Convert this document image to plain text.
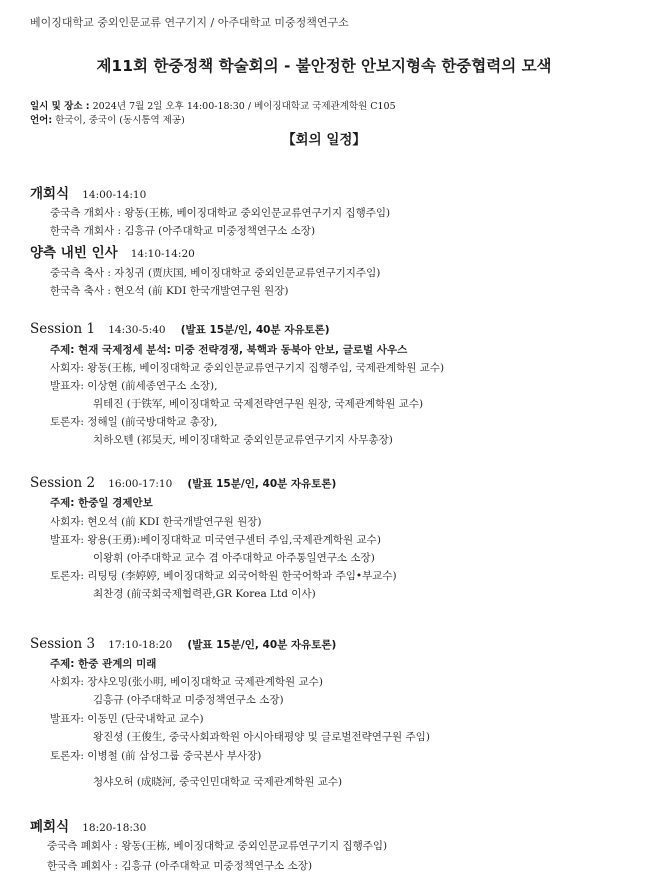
베이징대학교 중외인문교류 연구기지 / 아주대학교 미중정책연구소
제11회 한중정책 학술회의 - 불안정한 안보지형속 한중협력의 모색
일시 및 장소 : 2024년 7월 2일 오후 14:00-18:30 / 베이징대학교 국제관계학원 C105
언어: 한국이, 중국이 (동시통역 제공)
【회의 일정】
개회식 14:00-14:10
중국측 개회사 : 왕동(王栋, 베이징대학교 중외인문교류연구기지 집행주임)
한국측 개회사 : 김흥규 (아주대학교 미중정책연구소 소장)
양측 내빈 인사 14:10-14:20
중국측 축사 : 자칭귀 (贾庆国, 베이징대학교 중외인문교류연구기지주임)
한국측 축사 : 현오석 (前 KDI 한국개발연구원 원장)
Session 1 14:30-5:40 (발표 15분/인, 40분 자유토론)
주제: 현재 국제정세 분석: 미중 전략경쟁, 북핵과 동북아 안보, 글로벌 사우스
사회자: 왕동(王栋, 베이징대학교 중외인문교류연구기지 집행주임, 국제관계학원 교수)
발표자: 이상현 (前세종연구소 소장),
위테진 (于铁军, 베이징대학교 국제전략연구원 원장, 국제관계학원 교수)
토론자: 정해일 (前국방대학교 총장),
치하오텐 (祁昊天, 베이징대학교 중외인문교류연구기지 사무총장)
Session 2 16:00-17:10 (발표 15분/인, 40분 자유토론)
주제: 한중일 경제안보
사회자: 현오석 (前 KDI 한국개발연구원 원장)
발표자: 왕용(王勇):베이징대학교 미국연구센터 주임,국제관계학원 교수)
이왕휘 (아주대학교 교수 겸 아주대학교 아주통일연구소 소장)
토론자: 리팅팅 (李婷婷, 베이징대학교 외국어학원 한국어학과 주임•부교수)
최찬경 (前국회국제협력관,GR Korea Ltd 이사)
Session 3 17:10-18:20 (발표 15분/인, 40분 자유토론)
주제: 한중 관계의 미래
사회자: 장샤오밍(张小明, 베이징대학교 국제관계학원 교수)
김흥규 (아주대학교 미중정책연구소 소장)
발표자: 이동민 (단국내학교 교수)
왕진셩 (王俊生, 중국사회과학원 아시아태평양 및 글로벌전략연구원 주임)
토론자: 이병철 (前 삼성그룹 중국본사 부사장)
청샤오허 (成晓河, 중국인민대학교 국제관계학원 교수)
폐회식 18:20-18:30
중국측 폐회사 : 왕동(王栋, 베이징대학교 중외인문교류연구기지 집행주임)
한국측 폐회사 : 김흥규 (아주대학교 미중정책연구소 소장)
